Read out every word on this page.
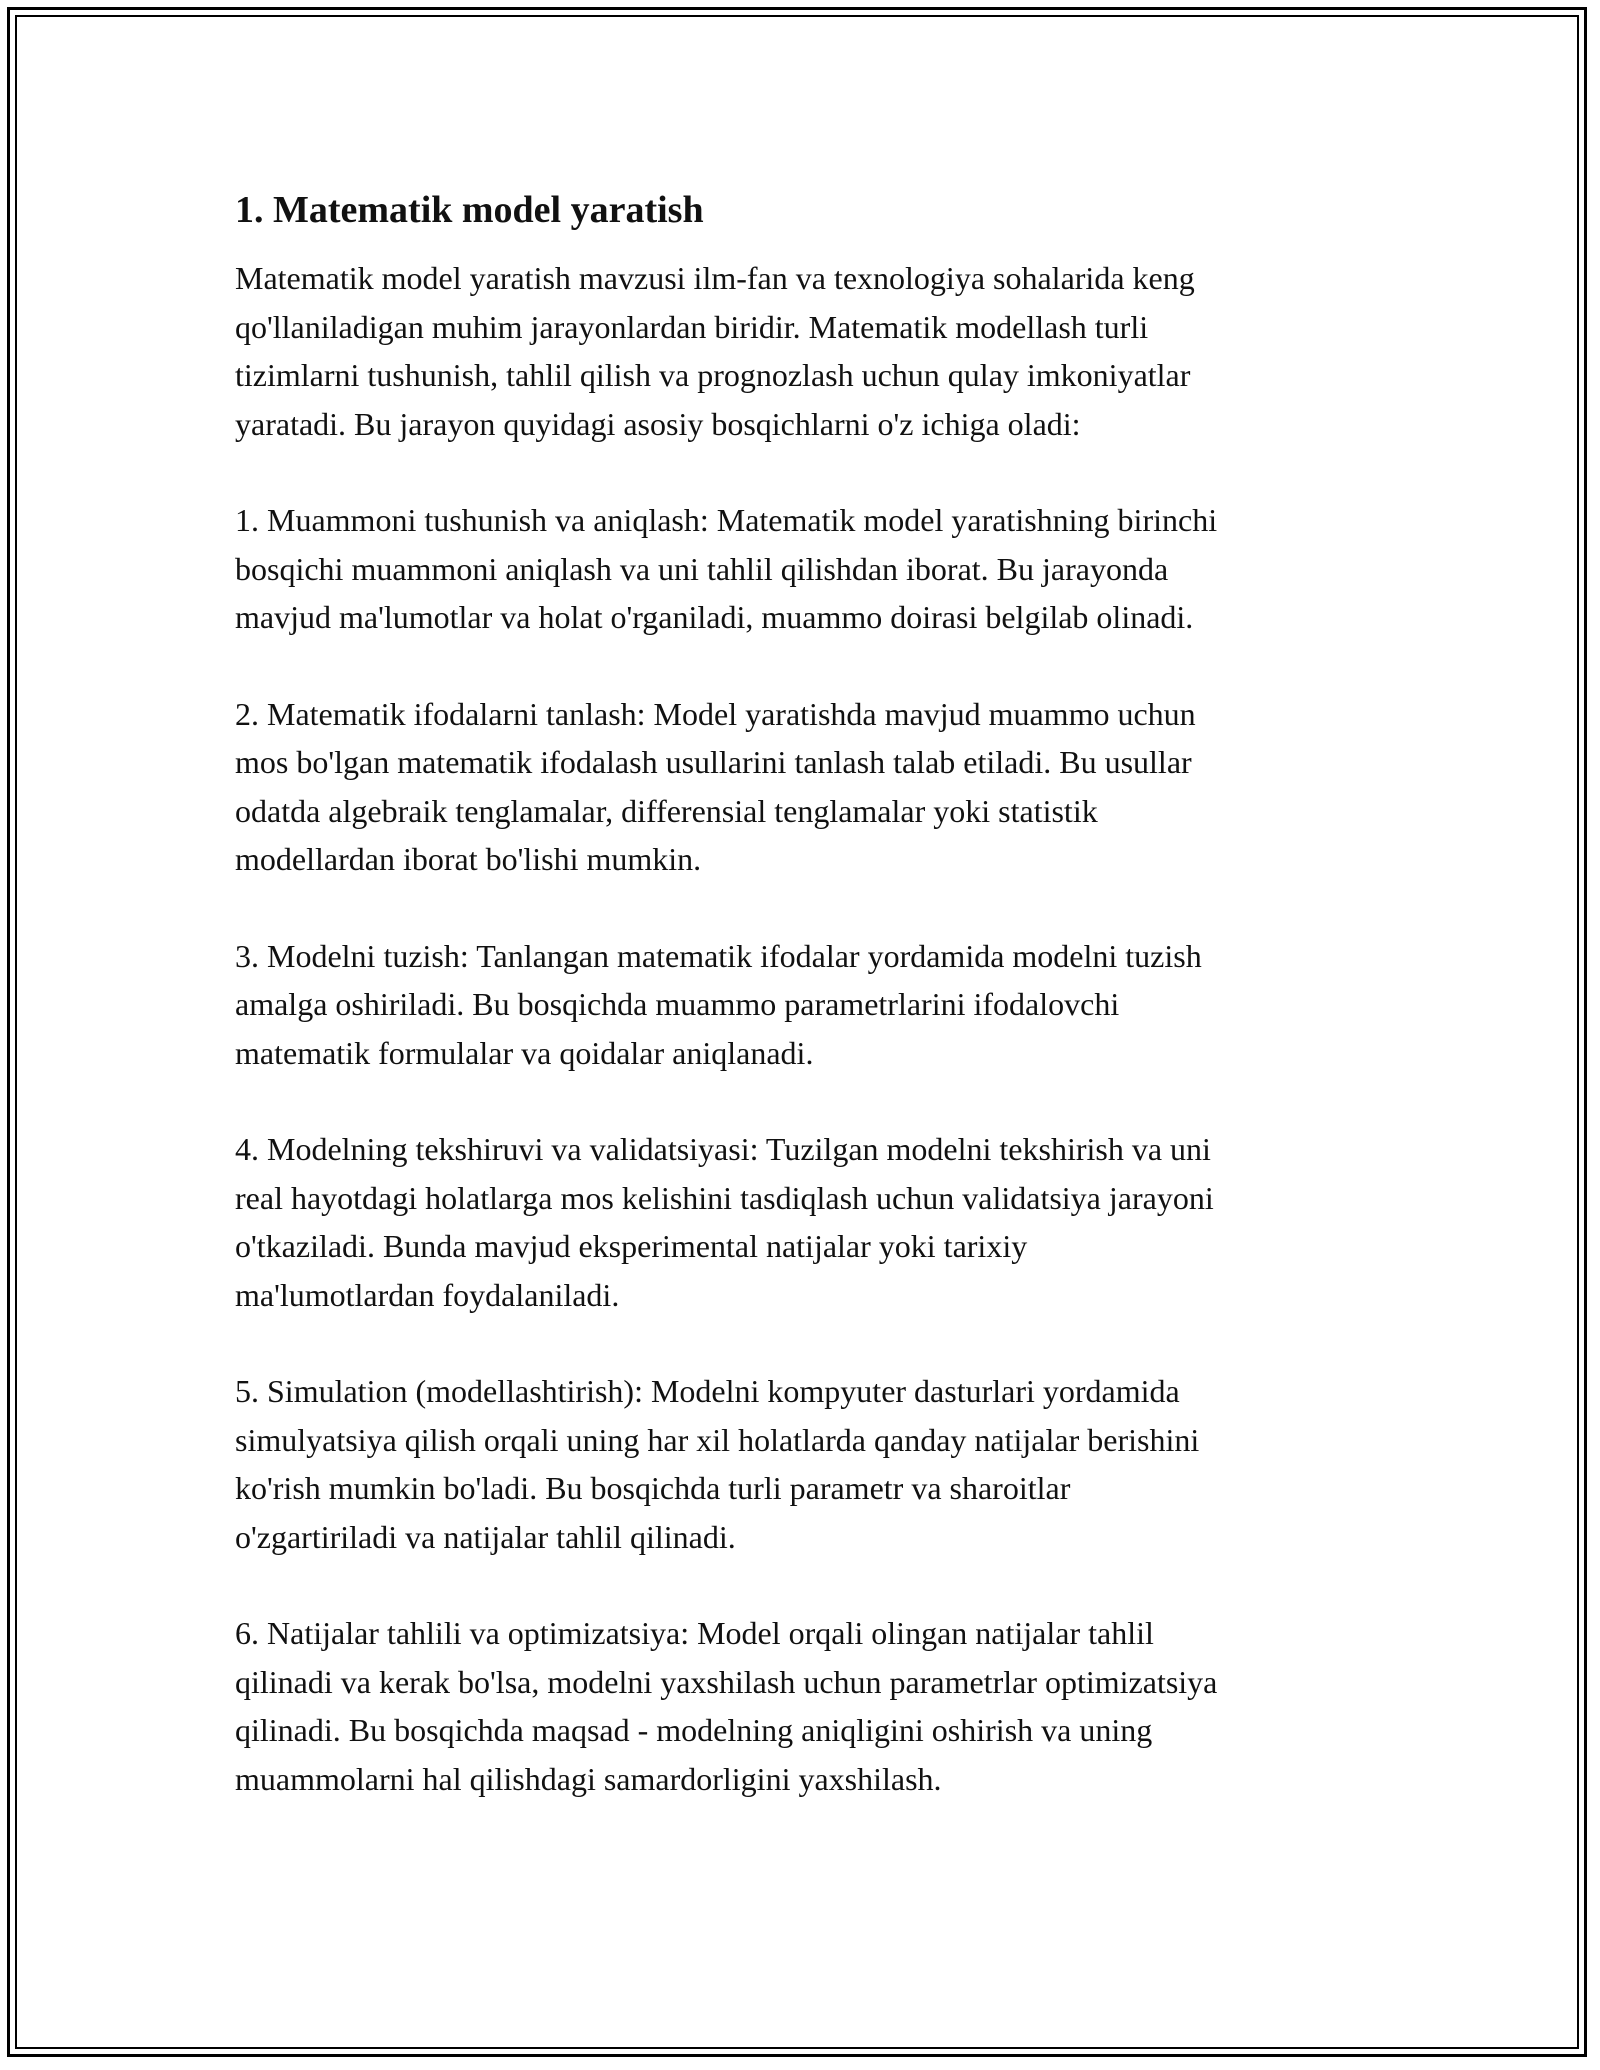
1. Matematik model yaratish

Matematik model yaratish mavzusi ilm-fan va texnologiya sohalarida keng
qo'llaniladigan muhim jarayonlardan biridir. Matematik modellash turli
tizimlarni tushunish, tahlil qilish va prognozlash uchun qulay imkoniyatlar
yaratadi. Bu jarayon quyidagi asosiy bosqichlarni o'z ichiga oladi:

1. Muammoni tushunish va aniqlash: Matematik model yaratishning birinchi
bosqichi muammoni aniqlash va uni tahlil qilishdan iborat. Bu jarayonda
mavjud ma'lumotlar va holat o'rganiladi, muammo doirasi belgilab olinadi.

2. Matematik ifodalarni tanlash: Model yaratishda mavjud muammo uchun
mos bo'lgan matematik ifodalash usullarini tanlash talab etiladi. Bu usullar
odatda algebraik tenglamalar, differensial tenglamalar yoki statistik
modellardan iborat bo'lishi mumkin.

3. Modelni tuzish: Tanlangan matematik ifodalar yordamida modelni tuzish
amalga oshiriladi. Bu bosqichda muammo parametrlarini ifodalovchi
matematik formulalar va qoidalar aniqlanadi.

4. Modelning tekshiruvi va validatsiyasi: Tuzilgan modelni tekshirish va uni
real hayotdagi holatlarga mos kelishini tasdiqlash uchun validatsiya jarayoni
o'tkaziladi. Bunda mavjud eksperimental natijalar yoki tarixiy
ma'lumotlardan foydalaniladi.

5. Simulation (modellashtirish): Modelni kompyuter dasturlari yordamida
simulyatsiya qilish orqali uning har xil holatlarda qanday natijalar berishini
ko'rish mumkin bo'ladi. Bu bosqichda turli parametr va sharoitlar
o'zgartiriladi va natijalar tahlil qilinadi.

6. Natijalar tahlili va optimizatsiya: Model orqali olingan natijalar tahlil
qilinadi va kerak bo'lsa, modelni yaxshilash uchun parametrlar optimizatsiya
qilinadi. Bu bosqichda maqsad - modelning aniqligini oshirish va uning
muammolarni hal qilishdagi samardorligini yaxshilash.
